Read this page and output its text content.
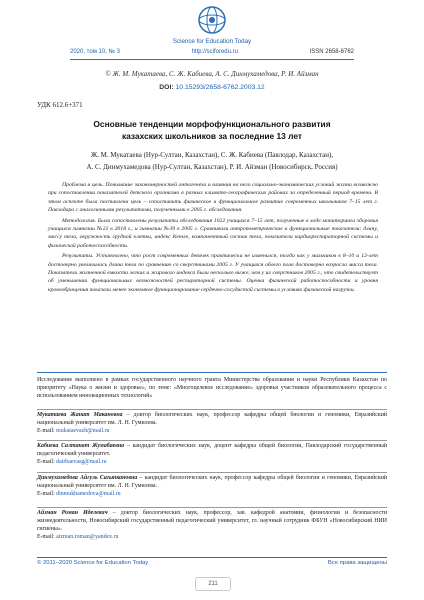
Science for Education Today
2020, том 10, № 3	http://sciforedu.ru	ISSN 2658-6762
© Ж. М. Мукатаева, С. Ж. Кабиева, А. С. Динмухамедова, Р. И. Айзман
DOI: 10.15293/2658-6762.2003.12
УДК 612.6+371
Основные тенденции морфофункционального развития
казахских школьников за последние 13 лет
Ж. М. Мукатаева (Нур-Султан, Казахстан), С. Ж. Кабиева (Павлодар, Казахстан),
А. С. Динмухамедова (Нур-Султан, Казахстан), Р. И. Айзман (Новосибирск, Россия)

Проблема и цель. Понимание закономерностей онтогенеза и влияния на него социально-экономических условий жизни возможно при сопоставлении показателей детского организма в разных климато-географических районах за определенный период времени. В этом аспекте была поставлена цель – сопоставить физическое и функциональное развитие современных школьников 7–15 лет г. Павлодара с аналогичными результатами, полученными в 2005 г. обследования.

Методология. Были сопоставлены результаты обследования 1022 учащихся 7–15 лет, полученные в ходе мониторинга здоровья учащихся гимназии №22 в 2018 г., и гимназии №39 в 2005 г. Сравнивали антропометрические и функциональные показатели: длину, массу тела, окружность грудной клетки, индекс Кетле, компонентный состав тела, показатели кардиореспираторной системы и физической работоспособности.

Результаты. Установлено, что рост современных девочек практически не изменился, тогда как у мальчиков в 8–10 и 12-лет достоверно увеличилась длина тела по сравнению со сверстниками 2005 г. У учащихся обоего пола достоверно возросла масса тела. Показатели жизненной емкости легких и жирового индекса были несколько ниже, чем у их сверстников 2005 г., что свидетельствует об уменьшении функциональных возможностей респираторной системы. Оценка физической работоспособности и уровня кровообращения показали менее экономное функционирование сердечно-сосудистой системы в условиях физической нагрузки.

Исследование выполнено в рамках государственного научного гранта Министерства образования и науки Республики Казахстан по приоритету «Наука о жизни и здоровье», по теме: «Многоцелевое исследование» здоровья участников образовательного процесса с использованием инновационных технологий»
Мукатаева Жанат Макановна – доктор биологических наук, профессор кафедры общей биологии и геномики, Евразийский национальный университет им. Л. Н. Гумилева.
E-mail: mukataevazh@mail.ru
Кабиева Салтанат Жумабаевна – кандидат биологических наук, доцент кафедры общей биологии, Павлодарский государственный педагогический университет.
E-mail: dairbaevasg@mail.ru
Динмухамедова Айгуль Сагынкановна – кандидат биологических наук, профессор кафедры общей биологии и геномики, Евразийский национальный университет им. Л. Н. Гумилева.
E-mail: dinmukhamedova@mail.ru
Айзман Роман Иделевич – доктор биологических наук, профессор, зав. кафедрой анатомии, физиологии и безопасности жизнедеятельности, Новосибирский государственный педагогический университет, гл. научный сотрудник ФБУН «Новосибирский НИИ гигиены».
E-mail: aizman.roman@yandex.ru
© 2011–2020 Science for Education Today	Все права защищены
211
